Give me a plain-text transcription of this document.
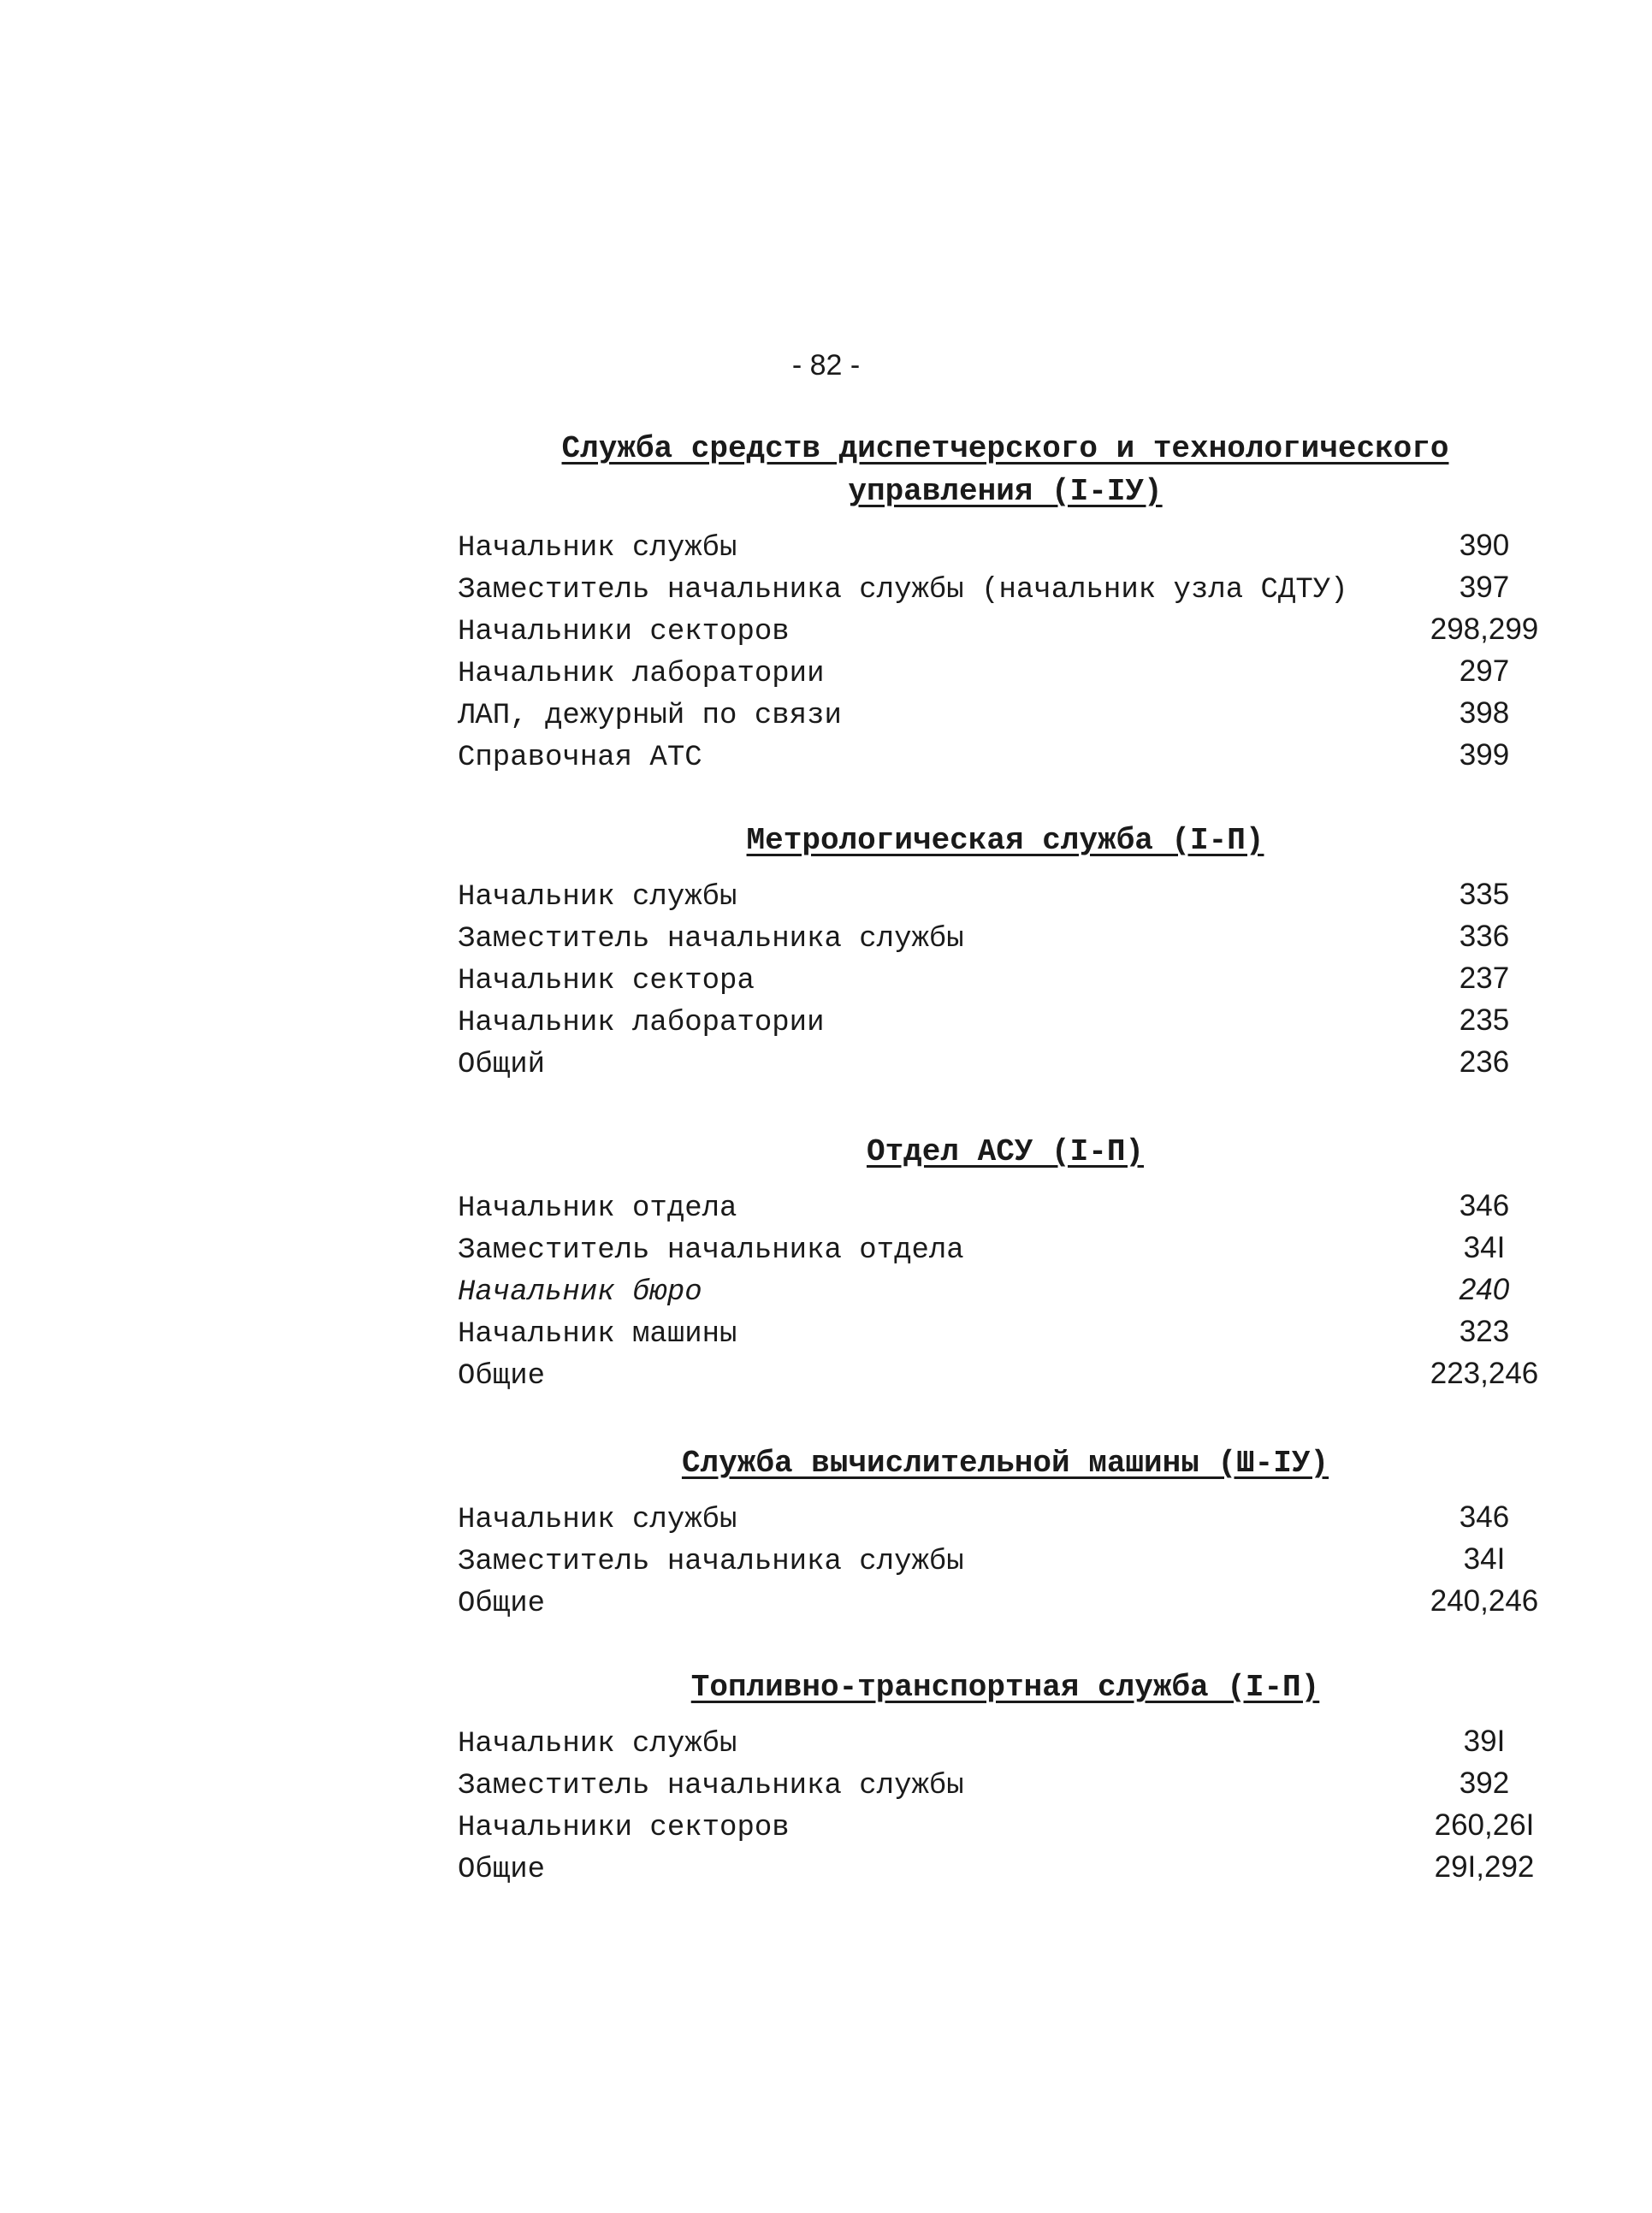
- 82 -
Служба средств диспетчерского и технологического
управления (I-IУ)
Начальник службы	390
Заместитель начальника службы (начальник узла СДТУ)	397
Начальники секторов	298,299
Начальник лаборатории	297
ЛАП, дежурный по связи	398
Справочная АТС	399
Метрологическая служба (I-П)
Начальник службы	335
Заместитель начальника службы	336
Начальник сектора	237
Начальник лаборатории	235
Общий	236
Отдел АСУ (I-П)
Начальник отдела	346
Заместитель начальника отдела	34I
Начальник бюро	240
Начальник машины	323
Общие	223,246
Служба вычислительной машины (Ш-IУ)
Начальник службы	346
Заместитель начальника службы	34I
Общие	240,246
Топливно-транспортная служба (I-П)
Начальник службы	39I
Заместитель начальника службы	392
Начальники секторов	260,26I
Общие	29I,292
